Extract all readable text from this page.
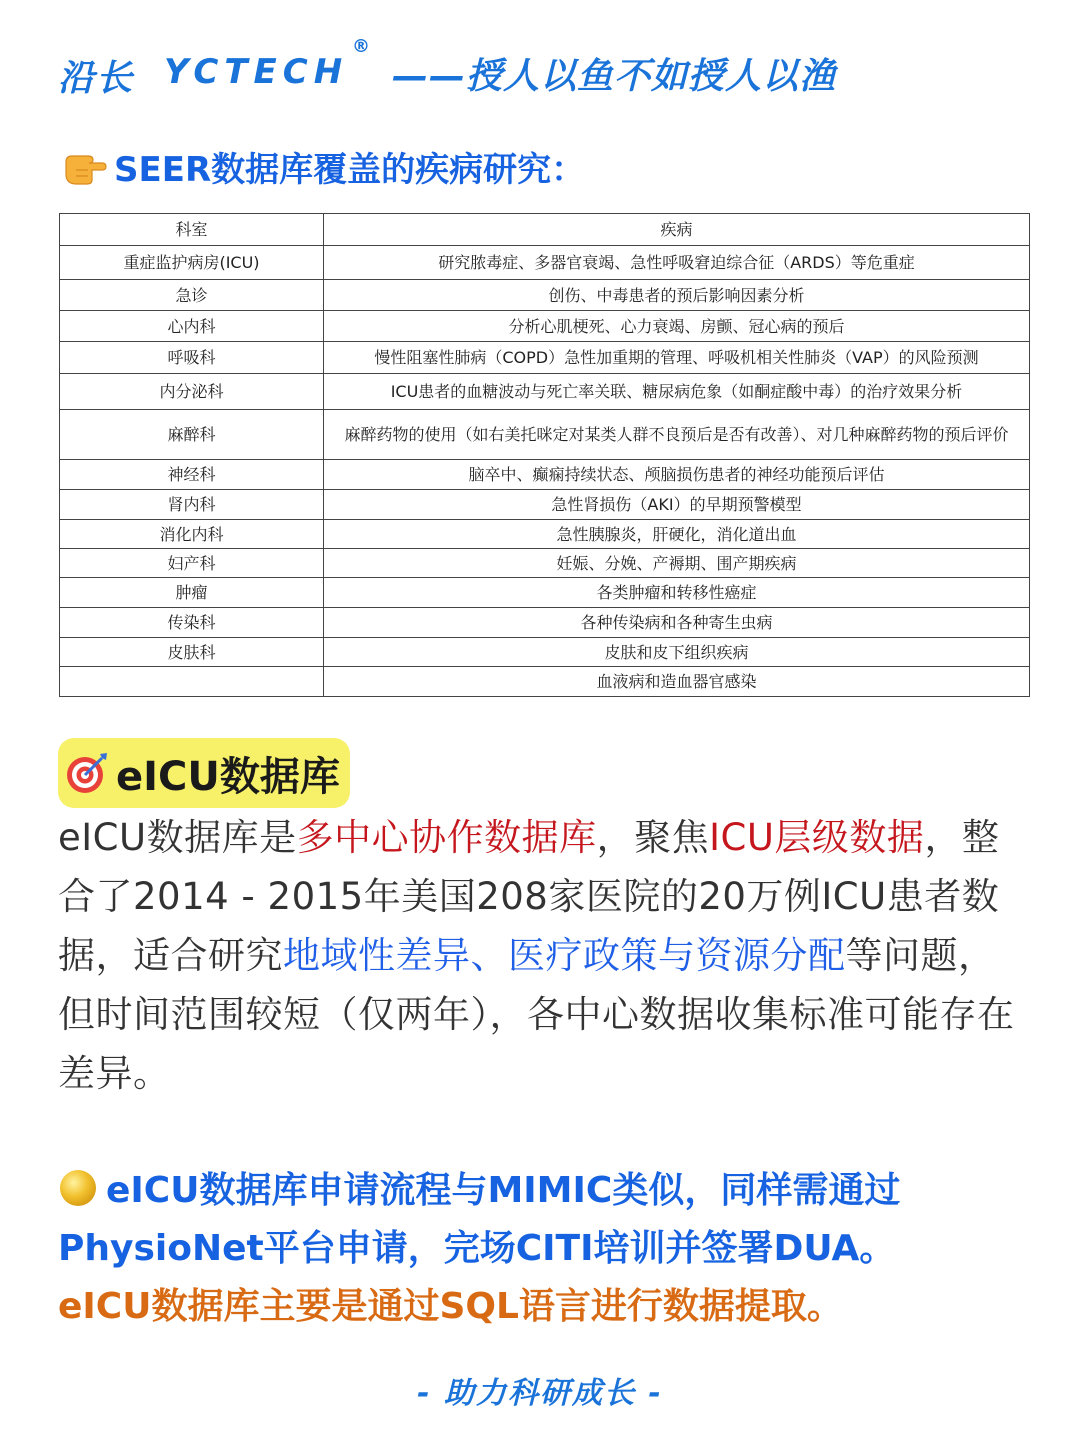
沿长 YCTECH
®
——授人以鱼不如授人以渔
SEER数据库覆盖的疾病研究：
科室	疾病
重症监护病房(ICU)	研究脓毒症、多器官衰竭、急性呼吸窘迫综合征（ARDS）等危重症
急诊	创伤、中毒患者的预后影响因素分析
心内科	分析心肌梗死、心力衰竭、房颤、冠心病的预后
呼吸科	慢性阻塞性肺病（COPD）急性加重期的管理、呼吸机相关性肺炎（VAP）的风险预测
内分泌科	ICU患者的血糖波动与死亡率关联、糖尿病危象（如酮症酸中毒）的治疗效果分析
麻醉科	麻醉药物的使用（如右美托咪定对某类人群不良预后是否有改善）、对几种麻醉药物的预后评价
神经科	脑卒中、癫痫持续状态、颅脑损伤患者的神经功能预后评估
肾内科	急性肾损伤（AKI）的早期预警模型
消化内科	急性胰腺炎，肝硬化，消化道出血
妇产科	妊娠、分娩、产褥期、围产期疾病
肿瘤	各类肿瘤和转移性癌症
传染科	各种传染病和各种寄生虫病
皮肤科	皮肤和皮下组织疾病
	血液病和造血器官感染
eICU数据库
eICU数据库是多中心协作数据库，聚焦ICU层级数据，整合了2014 - 2015年美国208家医院的20万例ICU患者数据，适合研究地域性差异、医疗政策与资源分配等问题，但时间范围较短（仅两年），各中心数据收集标准可能存在差异。
eICU数据库申请流程与MIMIC类似，同样需通过PhysioNet平台申请，完场CITI培训并签署DUA。
eICU数据库主要是通过SQL语言进行数据提取。
- 助力科研成长 -
